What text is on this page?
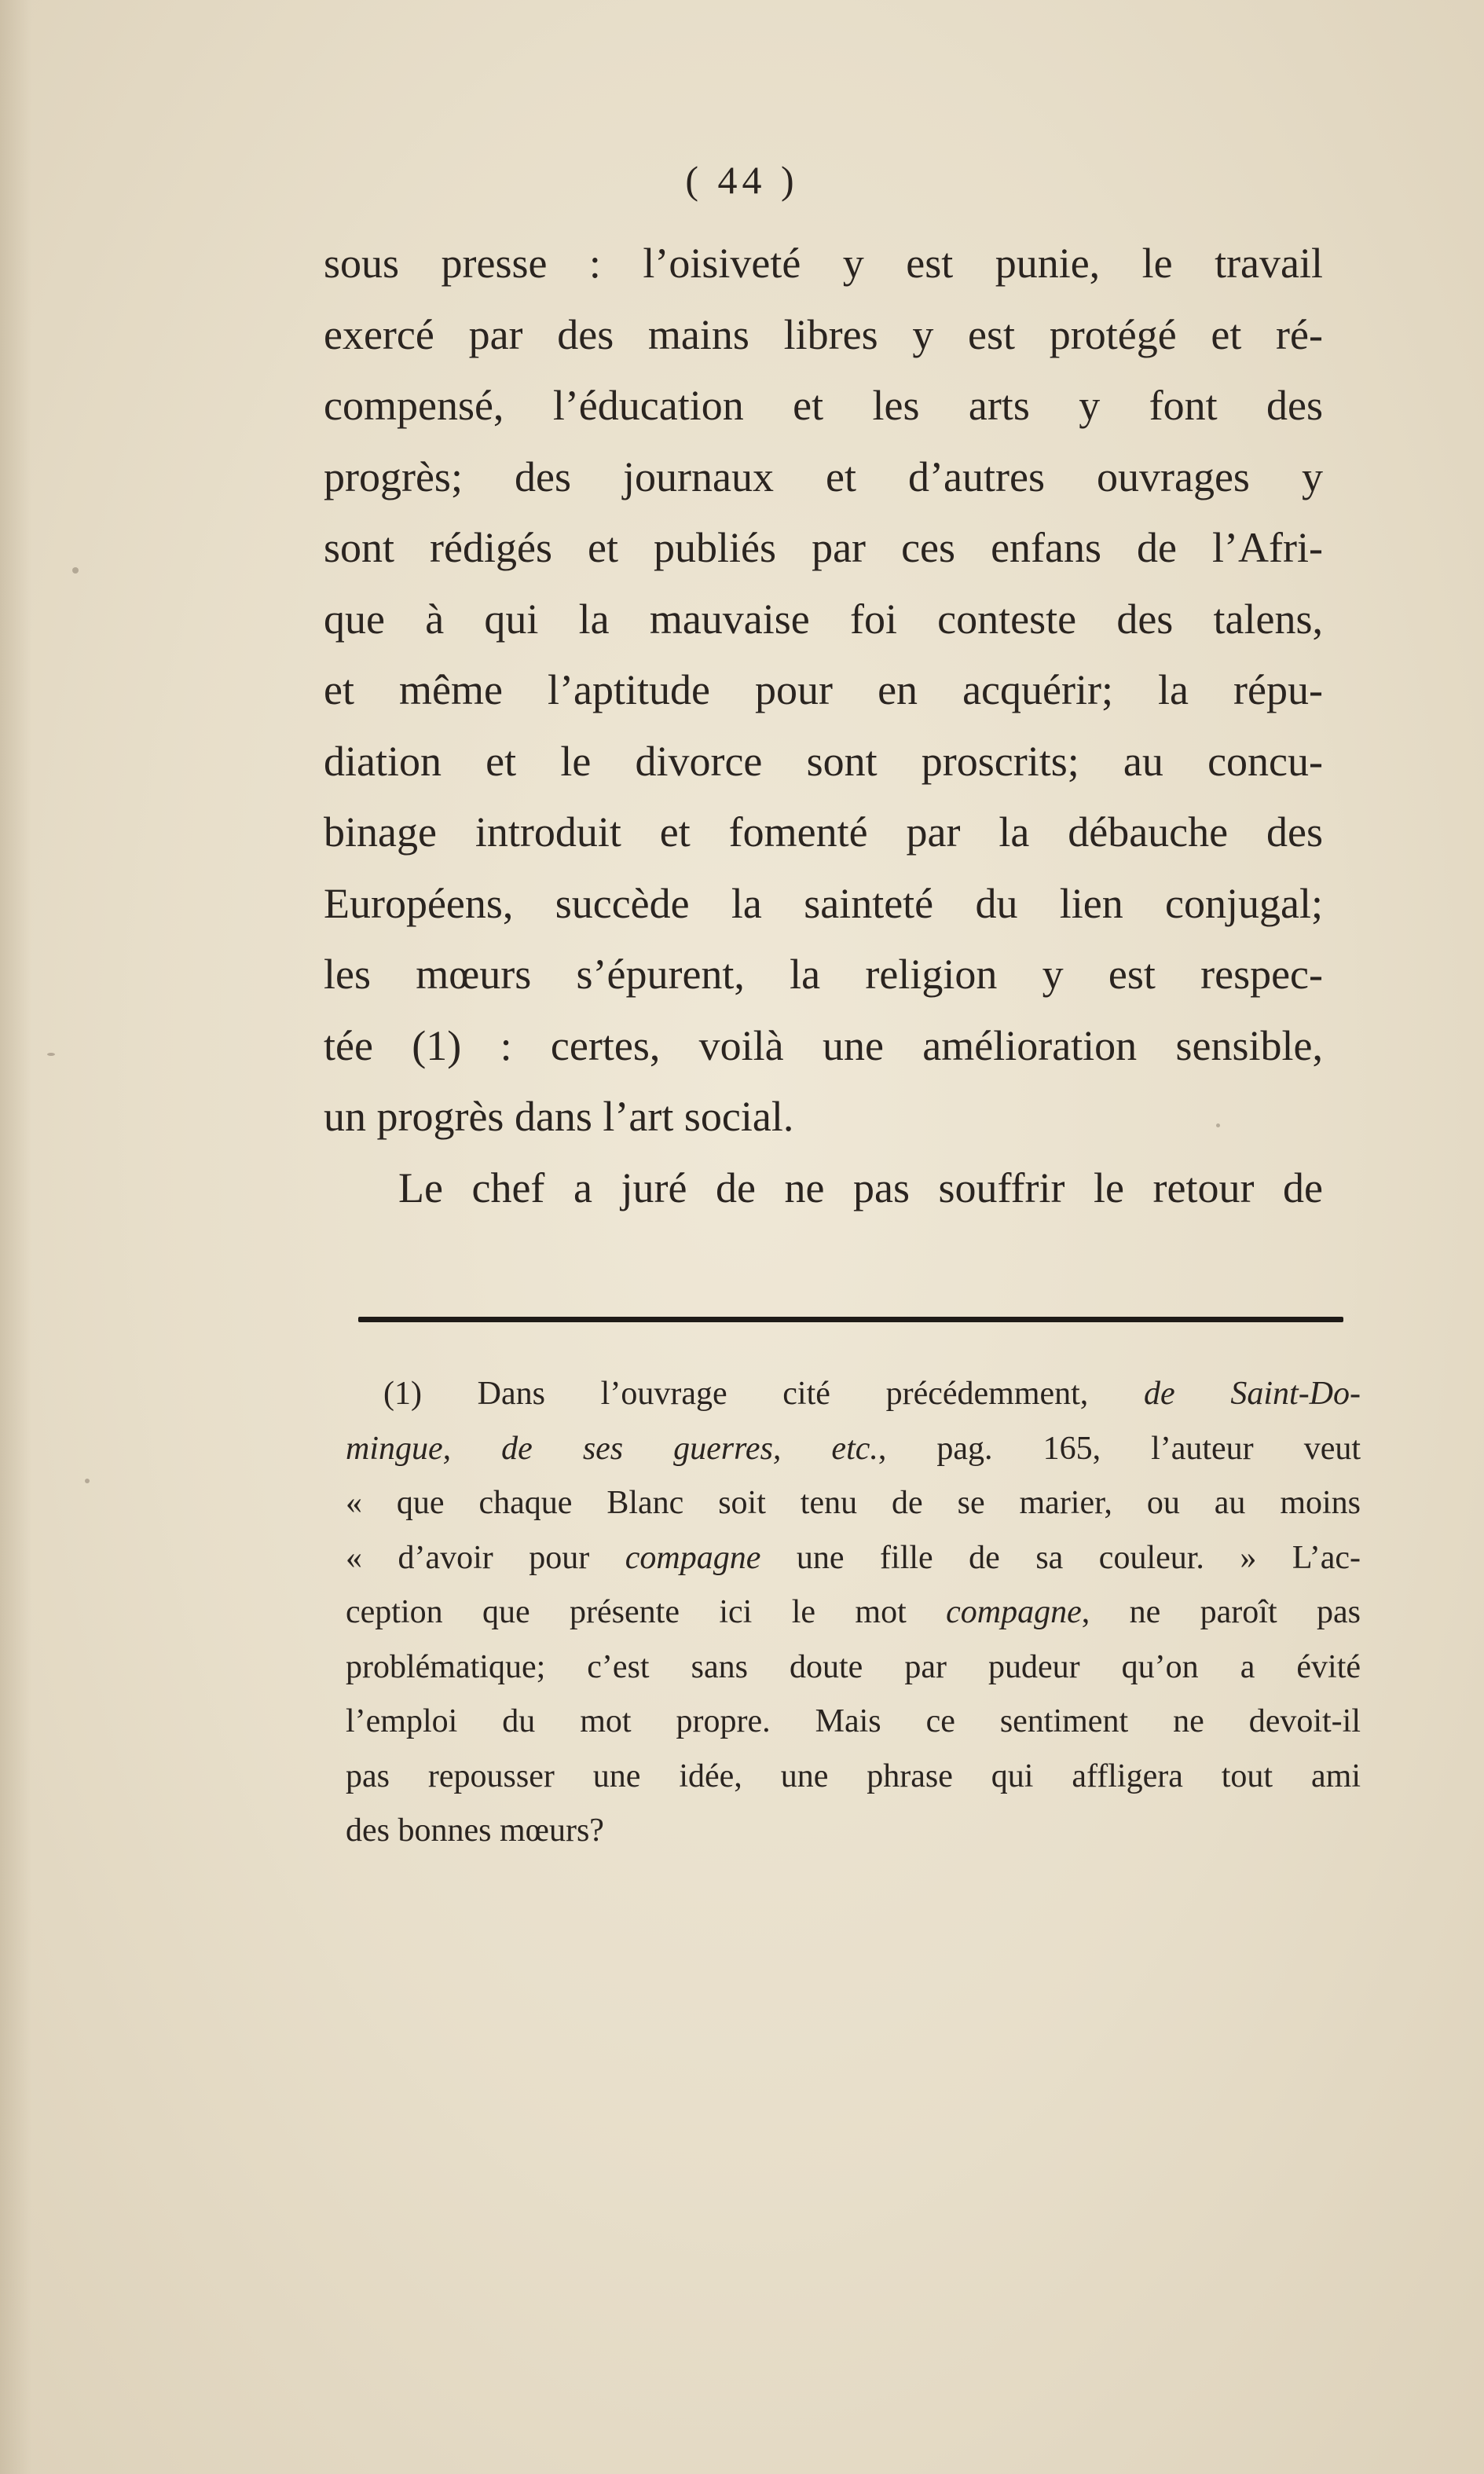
( 44 )
sous presse : l’oisiveté y est punie, le travail
exercé par des mains libres y est protégé et ré-
compensé, l’éducation et les arts y font des
progrès; des journaux et d’autres ouvrages y
sont rédigés et publiés par ces enfans de l’Afri-
que à qui la mauvaise foi conteste des talens,
et même l’aptitude pour en acquérir; la répu-
diation et le divorce sont proscrits; au concu-
binage introduit et fomenté par la débauche des
Européens, succède la sainteté du lien conjugal;
les mœurs s’épurent, la religion y est respec-
tée (1) : certes, voilà une amélioration sensible,
un progrès dans l’art social.
Le chef a juré de ne pas souffrir le retour de
(1) Dans l’ouvrage cité précédemment, de Saint-Do-
mingue, de ses guerres, etc., pag. 165, l’auteur veut
« que chaque Blanc soit tenu de se marier, ou au moins
« d’avoir pour compagne une fille de sa couleur. » L’ac-
ception que présente ici le mot compagne, ne paroît pas
problématique; c’est sans doute par pudeur qu’on a évité
l’emploi du mot propre. Mais ce sentiment ne devoit-il
pas repousser une idée, une phrase qui affligera tout ami
des bonnes mœurs?
